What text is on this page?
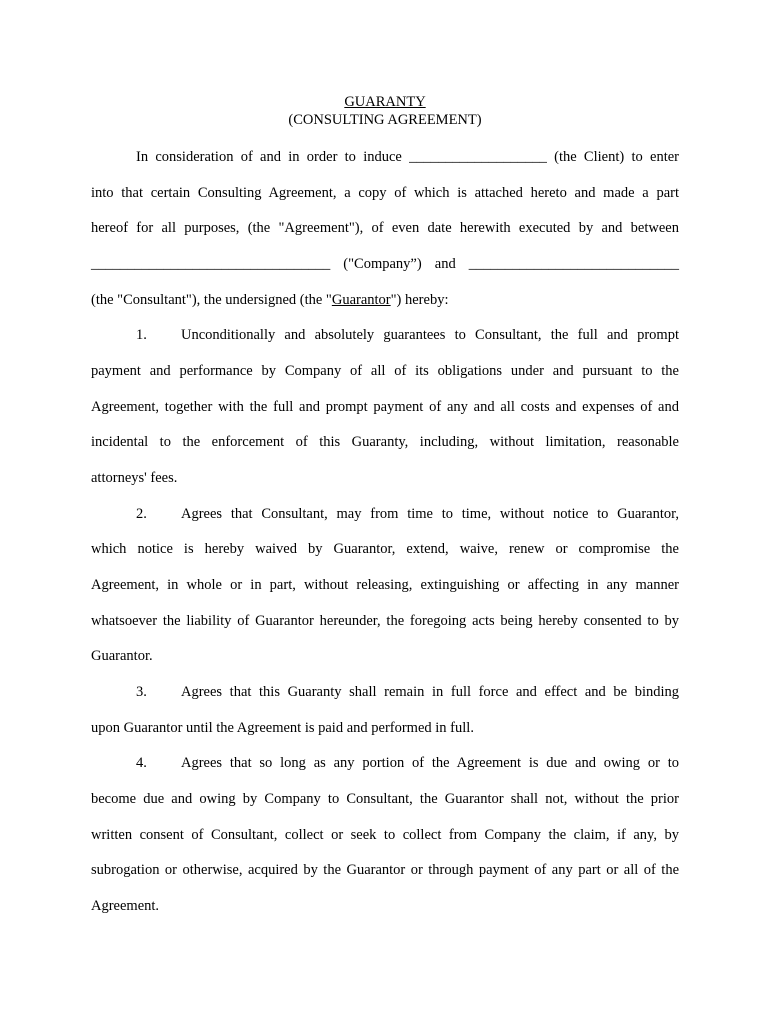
GUARANTY
(CONSULTING AGREEMENT)
In consideration of and in order to induce ___________________ (the Client) to enter
into that certain Consulting Agreement, a copy of which is attached hereto and made a part
hereof for all purposes, (the "Agreement"), of even date herewith executed by and between
_________________________________ ("Company”) and _____________________________
(the "Consultant"), the undersigned (the "Guarantor") hereby:
1. Unconditionally and absolutely guarantees to Consultant, the full and prompt
payment and performance by Company of all of its obligations under and pursuant to the
Agreement, together with the full and prompt payment of any and all costs and expenses of and
incidental to the enforcement of this Guaranty, including, without limitation, reasonable
attorneys' fees.
2. Agrees that Consultant, may from time to time, without notice to Guarantor,
which notice is hereby waived by Guarantor, extend, waive, renew or compromise the
Agreement, in whole or in part, without releasing, extinguishing or affecting in any manner
whatsoever the liability of Guarantor hereunder, the foregoing acts being hereby consented to by
Guarantor.
3. Agrees that this Guaranty shall remain in full force and effect and be binding
upon Guarantor until the Agreement is paid and performed in full.
4. Agrees that so long as any portion of the Agreement is due and owing or to
become due and owing by Company to Consultant, the Guarantor shall not, without the prior
written consent of Consultant, collect or seek to collect from Company the claim, if any, by
subrogation or otherwise, acquired by the Guarantor or through payment of any part or all of the
Agreement.
